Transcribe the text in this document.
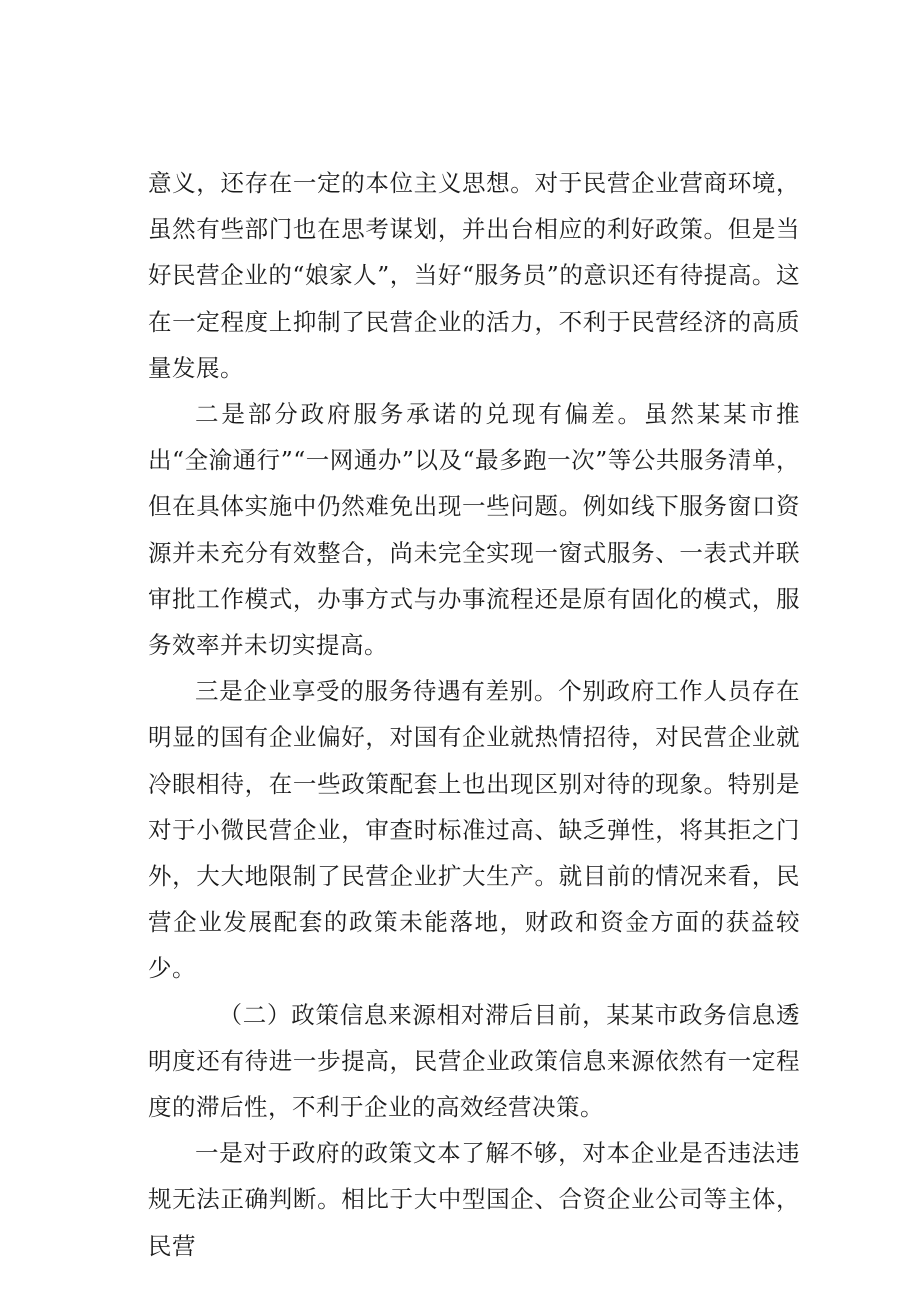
意义，还存在一定的本位主义思想。对于民营企业营商环境，虽然有些部门也在思考谋划，并出台相应的利好政策。但是当好民营企业的“娘家人”，当好“服务员”的意识还有待提高。这在一定程度上抑制了民营企业的活力，不利于民营经济的高质量发展。

二是部分政府服务承诺的兑现有偏差。虽然某某市推出“全渝通行”“一网通办”以及“最多跑一次”等公共服务清单，但在具体实施中仍然难免出现一些问题。例如线下服务窗口资源并未充分有效整合，尚未完全实现一窗式服务、一表式并联审批工作模式，办事方式与办事流程还是原有固化的模式，服务效率并未切实提高。

三是企业享受的服务待遇有差别。个别政府工作人员存在明显的国有企业偏好，对国有企业就热情招待，对民营企业就冷眼相待，在一些政策配套上也出现区别对待的现象。特别是对于小微民营企业，审查时标准过高、缺乏弹性，将其拒之门外，大大地限制了民营企业扩大生产。就目前的情况来看，民营企业发展配套的政策未能落地，财政和资金方面的获益较少。

（二）政策信息来源相对滞后目前，某某市政务信息透明度还有待进一步提高，民营企业政策信息来源依然有一定程度的滞后性，不利于企业的高效经营决策。

一是对于政府的政策文本了解不够，对本企业是否违法违规无法正确判断。相比于大中型国企、合资企业公司等主体，民营
